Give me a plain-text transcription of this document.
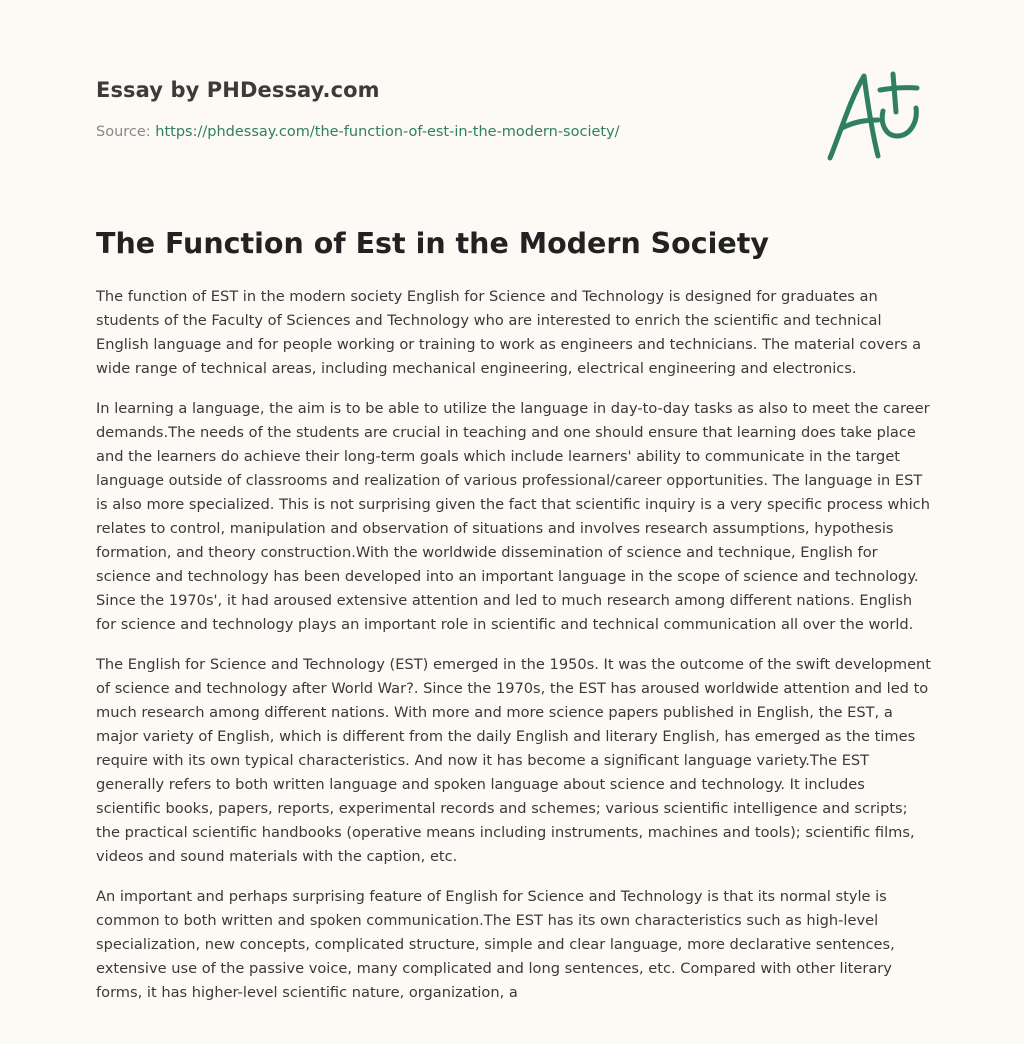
Essay by PHDessay.com
Source: https://phdessay.com/the-function-of-est-in-the-modern-society/
The Function of Est in the Modern Society

The function of EST in the modern society English for Science and Technology is designed for graduates an students of the Faculty of Sciences and Technology who are interested to enrich the scientific and technical English language and for people working or training to work as engineers and technicians. The material covers a wide range of technical areas, including mechanical engineering, electrical engineering and electronics.

In learning a language, the aim is to be able to utilize the language in day-to-day tasks as also to meet the career demands.The needs of the students are crucial in teaching and one should ensure that learning does take place and the learners do achieve their long-term goals which include learners' ability to communicate in the target language outside of classrooms and realization of various professional/career opportunities. The language in EST is also more specialized. This is not surprising given the fact that scientific inquiry is a very specific process which relates to control, manipulation and observation of situations and involves research assumptions, hypothesis formation, and theory construction.With the worldwide dissemination of science and technique, English for science and technology has been developed into an important language in the scope of science and technology. Since the 1970s', it had aroused extensive attention and led to much research among different nations. English for science and technology plays an important role in scientific and technical communication all over the world.

The English for Science and Technology (EST) emerged in the 1950s. It was the outcome of the swift development of science and technology after World War?. Since the 1970s, the EST has aroused worldwide attention and led to much research among different nations. With more and more science papers published in English, the EST, a major variety of English, which is different from the daily English and literary English, has emerged as the times require with its own typical characteristics. And now it has become a significant language variety.The EST generally refers to both written language and spoken language about science and technology. It includes scientific books, papers, reports, experimental records and schemes; various scientific intelligence and scripts; the practical scientific handbooks (operative means including instruments, machines and tools); scientific films, videos and sound materials with the caption, etc.

An important and perhaps surprising feature of English for Science and Technology is that its normal style is common to both written and spoken communication.The EST has its own characteristics such as high-level specialization, new concepts, complicated structure, simple and clear language, more declarative sentences, extensive use of the passive voice, many complicated and long sentences, etc. Compared with other literary forms, it has higher-level scientific nature, organization, a
